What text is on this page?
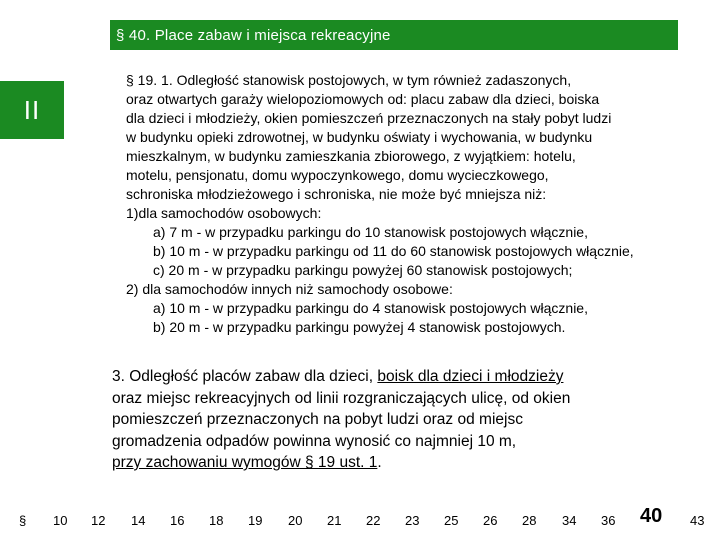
§ 40. Place zabaw i miejsca rekreacyjne
II
§ 19. 1. Odległość stanowisk postojowych, w tym również zadaszonych,
oraz otwartych garaży wielopoziomowych od: placu zabaw dla dzieci, boiska
dla dzieci i młodzieży, okien pomieszczeń przeznaczonych na stały pobyt ludzi
w budynku opieki zdrowotnej, w budynku oświaty i wychowania, w budynku
mieszkalnym, w budynku zamieszkania zbiorowego, z wyjątkiem: hotelu,
motelu, pensjonatu, domu wypoczynkowego, domu wycieczkowego,
schroniska młodzieżowego i schroniska, nie może być mniejsza niż:
1)dla samochodów osobowych:
a) 7 m - w przypadku parkingu do 10 stanowisk postojowych włącznie,
b) 10 m - w przypadku parkingu od 11 do 60 stanowisk postojowych włącznie,
c) 20 m - w przypadku parkingu powyżej 60 stanowisk postojowych;
2) dla samochodów innych niż samochody osobowe:
a) 10 m - w przypadku parkingu do 4 stanowisk postojowych włącznie,
b) 20 m - w przypadku parkingu powyżej 4 stanowisk postojowych.
3. Odległość placów zabaw dla dzieci, boisk dla dzieci i młodzieży
oraz miejsc rekreacyjnych od linii rozgraniczających ulicę, od okien
pomieszczeń przeznaczonych na pobyt ludzi oraz od miejsc
gromadzenia odpadów powinna wynosić co najmniej 10 m,
przy zachowaniu wymogów § 19 ust. 1.
§ 10 12 14 16 18 19 20 21 22 23 25 26 28 34 36 40 43
